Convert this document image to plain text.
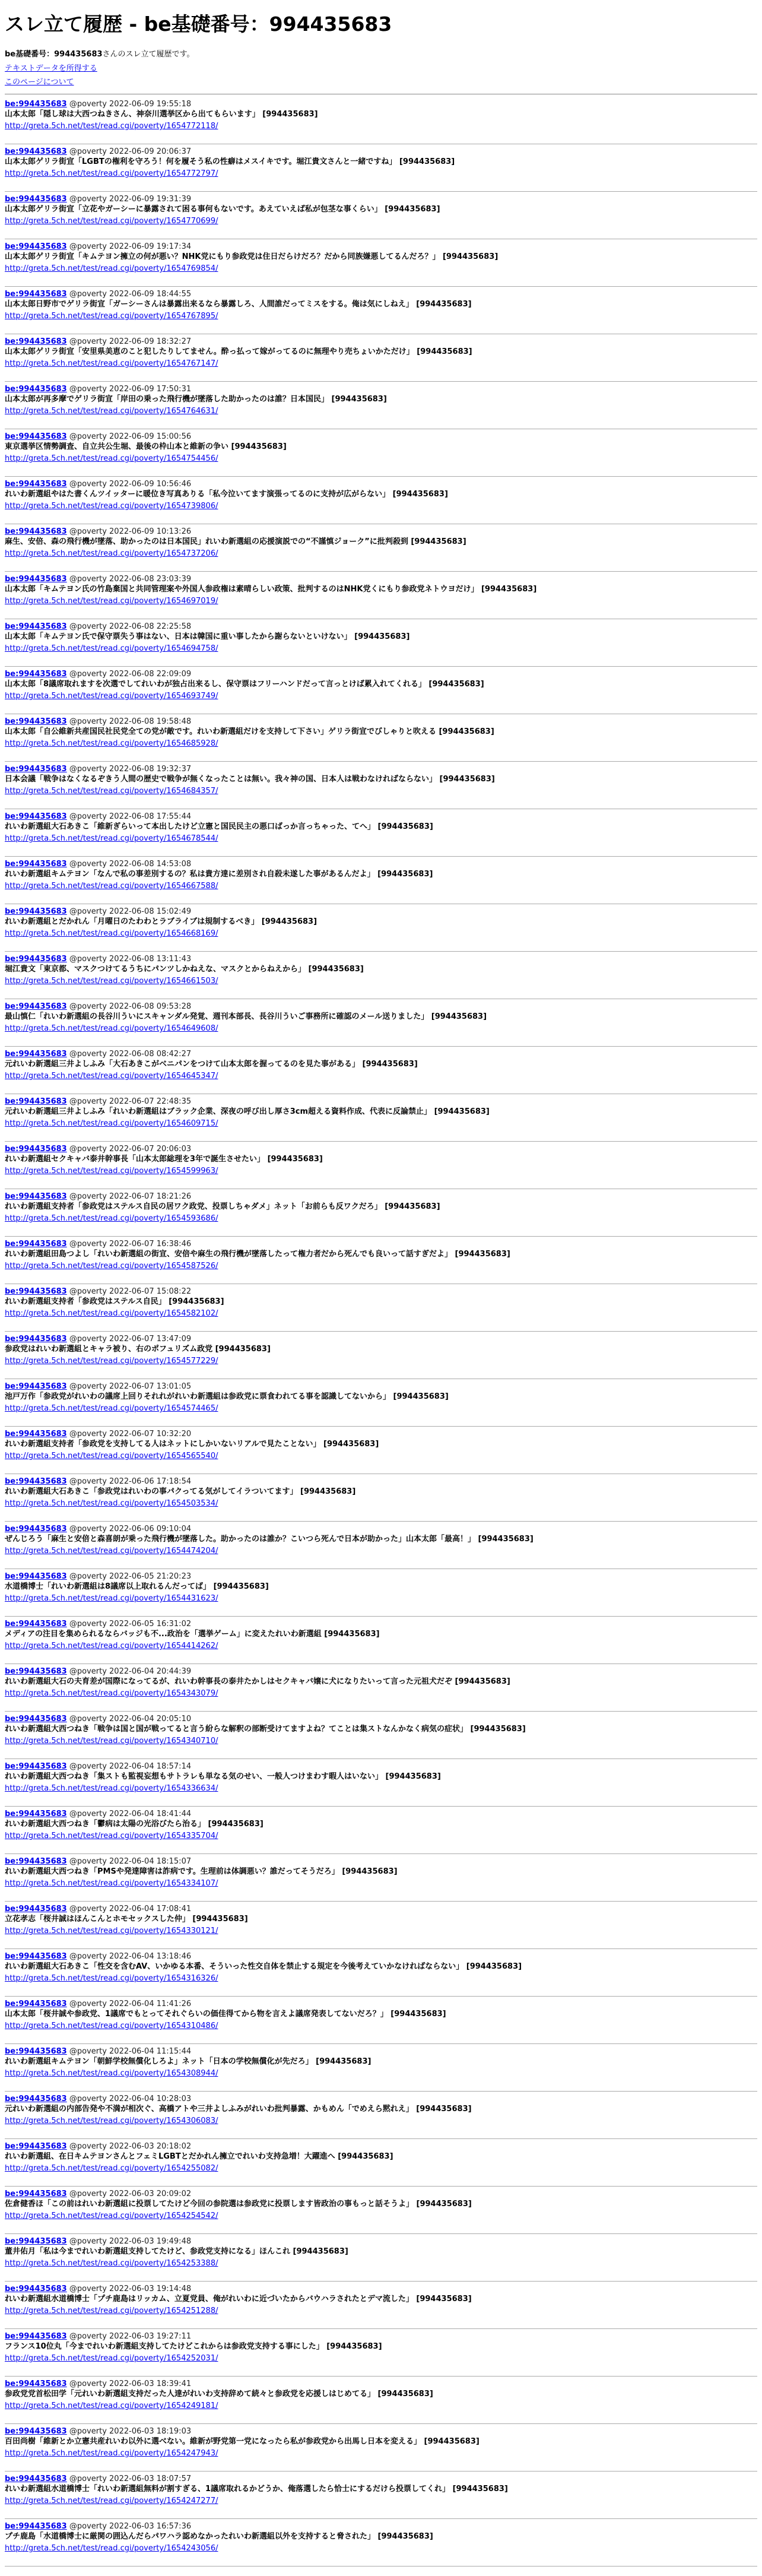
スレ立て履歴 - be基礎番号：994435683
be基礎番号：994435683さんのスレ立て履歴です。
テキストデータを所得する
このページについて
be:994435683 @poverty 2022-06-09 19:55:18
山本太郎「隠し球は大西つねきさん、神奈川選挙区から出てもらいます」 [994435683]
http://greta.5ch.net/test/read.cgi/poverty/1654772118/
be:994435683 @poverty 2022-06-09 20:06:37
山本太郎ゲリラ街宣「LGBTの権利を守ろう！何を履そう私の性癖はメスイキです。堀江貴文さんと一緒ですね」 [994435683]
http://greta.5ch.net/test/read.cgi/poverty/1654772797/
be:994435683 @poverty 2022-06-09 19:31:39
山本太郎ゲリラ街宣「立花やガーシーに暴露されて困る事何もないです。あえていえば私が包茎な事くらい」 [994435683]
http://greta.5ch.net/test/read.cgi/poverty/1654770699/
be:994435683 @poverty 2022-06-09 19:17:34
山本太郎ゲリラ街宣「キムテヨン擁立の何が悪い？NHK党にもり参政党は住日だらけだろ？だから同族嫌悪してるんだろ？」 [994435683]
http://greta.5ch.net/test/read.cgi/poverty/1654769854/
be:994435683 @poverty 2022-06-09 18:44:55
山本太郎日野市でゲリラ街宣「ガーシーさんは暴露出来るなら暴露しろ、人間誰だってミスをする。俺は気にしねえ」 [994435683]
http://greta.5ch.net/test/read.cgi/poverty/1654767895/
be:994435683 @poverty 2022-06-09 18:32:27
山本太郎ゲリラ街宣「安里県美恵のこと犯したりしてません。酔っ払って嫁がってるのに無理やり売ちょいかただけ」 [994435683]
http://greta.5ch.net/test/read.cgi/poverty/1654767147/
be:994435683 @poverty 2022-06-09 17:50:31
山本太郎が再多摩でゲリラ街宣「岸田の乗った飛行機が墜落した助かったのは誰？日本国民」 [994435683]
http://greta.5ch.net/test/read.cgi/poverty/1654764631/
be:994435683 @poverty 2022-06-09 15:00:56
東京選挙区情勢調査、自立共公生堀、最後の枠山本と維新の争い [994435683]
http://greta.5ch.net/test/read.cgi/poverty/1654754456/
be:994435683 @poverty 2022-06-09 10:56:46
れいわ新選組やはた書くんツイッターに暖位き写真ありる「私今泣いてます演張ってるのに支持が広がらない」 [994435683]
http://greta.5ch.net/test/read.cgi/poverty/1654739806/
be:994435683 @poverty 2022-06-09 10:13:26
麻生、安倍、森の飛行機が墜落、助かったのは日本国民」れいわ新選組の応援演説での“不謹慎ジョーク”に批判殺到 [994435683]
http://greta.5ch.net/test/read.cgi/poverty/1654737206/
be:994435683 @poverty 2022-06-08 23:03:39
山本太郎「キムテヨン氏の竹島棄国と共同管理案や外国人参政権は素晴らしい政策、批判するのはNHK党くにもり参政党ネトウヨだけ」 [994435683]
http://greta.5ch.net/test/read.cgi/poverty/1654697019/
be:994435683 @poverty 2022-06-08 22:25:58
山本太郎「キムテヨン氏で保守票失う事はない、日本は韓国に重い事したから謝らないといけない」 [994435683]
http://greta.5ch.net/test/read.cgi/poverty/1654694758/
be:994435683 @poverty 2022-06-08 22:09:09
山本太郎「8議席取れますを次選でしてれいわが独占出来るし、保守票はフリーハンドだって言っとけば累入れてくれる」 [994435683]
http://greta.5ch.net/test/read.cgi/poverty/1654693749/
be:994435683 @poverty 2022-06-08 19:58:48
山本太郎「自公維新共産国民社民党全ての党が敵です。れいわ新選組だけを支持して下さい」ゲリラ街宣でびしゃりと吹える [994435683]
http://greta.5ch.net/test/read.cgi/poverty/1654685928/
be:994435683 @poverty 2022-06-08 19:32:37
日本会議「戦争はなくなるぞきう人間の歴史で戦争が無くなったことは無い。我々神の国、日本人は戦わなければならない」 [994435683]
http://greta.5ch.net/test/read.cgi/poverty/1654684357/
be:994435683 @poverty 2022-06-08 17:55:44
れいわ新選組大石あきこ「維新ぎらいって本出したけど立憲と国民民主の悪口ばっか言っちゃった、てへ」 [994435683]
http://greta.5ch.net/test/read.cgi/poverty/1654678544/
be:994435683 @poverty 2022-06-08 14:53:08
れいわ新選組キムテヨン「なんで私の事差別するの？私は貴方達に差別され自殺未遂した事があるんだよ」 [994435683]
http://greta.5ch.net/test/read.cgi/poverty/1654667588/
be:994435683 @poverty 2022-06-08 15:02:49
れいわ新選組とだかれん「月曜日のたわわとラブライブは規制するべき」 [994435683]
http://greta.5ch.net/test/read.cgi/poverty/1654668169/
be:994435683 @poverty 2022-06-08 13:11:43
堀江貴文「東京都、マスクつけてるうちにパンツしかねえな、マスクとからねえから」 [994435683]
http://greta.5ch.net/test/read.cgi/poverty/1654661503/
be:994435683 @poverty 2022-06-08 09:53:28
最山慎仁「れいわ新選組の長谷川ういにスキャンダル発覚、週刊本部長、長谷川ういご事務所に確認のメール送りました」 [994435683]
http://greta.5ch.net/test/read.cgi/poverty/1654649608/
be:994435683 @poverty 2022-06-08 08:42:27
元れいわ新選組三井よしふみ「大石あきこがベニパンをつけて山本太郎を握ってるのを見た事がある」 [994435683]
http://greta.5ch.net/test/read.cgi/poverty/1654645347/
be:994435683 @poverty 2022-06-07 22:48:35
元れいわ新選組三井よしふみ「れいわ新選組はブラック企業、深夜の呼び出し厚さ3cm超える資料作成、代表に反論禁止」 [994435683]
http://greta.5ch.net/test/read.cgi/poverty/1654609715/
be:994435683 @poverty 2022-06-07 20:06:03
れいわ新選組セクキャバ泰井幹事長「山本太郎総理を3年で誕生させたい」 [994435683]
http://greta.5ch.net/test/read.cgi/poverty/1654599963/
be:994435683 @poverty 2022-06-07 18:21:26
れいわ新選組支持者「参政党はステルス自民の居ワク政党、投票しちゃダメ」ネット「お前らも反ワクだろ」 [994435683]
http://greta.5ch.net/test/read.cgi/poverty/1654593686/
be:994435683 @poverty 2022-06-07 16:38:46
れいわ新選組田島つよし「れいわ新選組の街宣、安倍や麻生の飛行機が墜落したって権力者だから死んでも良いって話すぎだよ」 [994435683]
http://greta.5ch.net/test/read.cgi/poverty/1654587526/
be:994435683 @poverty 2022-06-07 15:08:22
れいわ新選組支持者「参政党はステルス自民」 [994435683]
http://greta.5ch.net/test/read.cgi/poverty/1654582102/
be:994435683 @poverty 2022-06-07 13:47:09
参政党はれいわ新選組とキャラ被り、右のポフュリズム政党 [994435683]
http://greta.5ch.net/test/read.cgi/poverty/1654577229/
be:994435683 @poverty 2022-06-07 13:01:05
池戸万作「参政党がれいわの議席上回りそれれがれいわ新選組は参政党に票食われてる事を認識してないから」 [994435683]
http://greta.5ch.net/test/read.cgi/poverty/1654574465/
be:994435683 @poverty 2022-06-07 10:32:20
れいわ新選組支持者「参政党を支持してる人はネットにしかいないリアルで見たことない」 [994435683]
http://greta.5ch.net/test/read.cgi/poverty/1654565540/
be:994435683 @poverty 2022-06-06 17:18:54
れいわ新選組大石あきこ「参政党はれいわの事パクってる気がしてイラついてます」 [994435683]
http://greta.5ch.net/test/read.cgi/poverty/1654503534/
be:994435683 @poverty 2022-06-06 09:10:04
ぜんじろう「麻生と安倍と森喜朗が乗った飛行機が墜落した。助かったのは誰か？こいつら死んで日本が助かった」山本太郎「最高！」 [994435683]
http://greta.5ch.net/test/read.cgi/poverty/1654474204/
be:994435683 @poverty 2022-06-05 21:20:23
水道橋博士「れいわ新選組は8議席以上取れるんだってば」 [994435683]
http://greta.5ch.net/test/read.cgi/poverty/1654431623/
be:994435683 @poverty 2022-06-05 16:31:02
メディアの注目を集められるならバッジも不...政治を「選挙ゲーム」に変えたれいわ新選組 [994435683]
http://greta.5ch.net/test/read.cgi/poverty/1654414262/
be:994435683 @poverty 2022-06-04 20:44:39
れいわ新選組大石の夫育差が国際になってるが、れいわ幹事長の泰井たかしはセクキャバ嬢に犬になりたいって言った元祖犬だぞ [994435683]
http://greta.5ch.net/test/read.cgi/poverty/1654343079/
be:994435683 @poverty 2022-06-04 20:05:10
れいわ新選組大西つねき「戦争は国と国が戦ってると言う紛らな解釈の部断受けてますよね？てことは集ストなんかなく病気の症状」 [994435683]
http://greta.5ch.net/test/read.cgi/poverty/1654340710/
be:994435683 @poverty 2022-06-04 18:57:14
れいわ新選組大西つねき「集ストも監視妄想もサトラレも単なる気のせい、一般人つけまわす暇人はいない」 [994435683]
http://greta.5ch.net/test/read.cgi/poverty/1654336634/
be:994435683 @poverty 2022-06-04 18:41:44
れいわ新選組大西つねき「鬱病は太陽の光浴びたら治る」 [994435683]
http://greta.5ch.net/test/read.cgi/poverty/1654335704/
be:994435683 @poverty 2022-06-04 18:15:07
れいわ新選組大西つねき「PMSや発達障害は詐病です。生理前は体調悪い？誰だってそうだろ」 [994435683]
http://greta.5ch.net/test/read.cgi/poverty/1654334107/
be:994435683 @poverty 2022-06-04 17:08:41
立花孝志「桜井誠はほんこんとホモセックスした仲」 [994435683]
http://greta.5ch.net/test/read.cgi/poverty/1654330121/
be:994435683 @poverty 2022-06-04 13:18:46
れいわ新選組大石あきこ「性交を含むAV、いかゆる本番、そういった性交自体を禁止する規定を今後考えていかなければならない」 [994435683]
http://greta.5ch.net/test/read.cgi/poverty/1654316326/
be:994435683 @poverty 2022-06-04 11:41:26
山本太郎「桜井誠や参政党、1議席でもとってそれぐらいの価佳得てから物を言えよ議席発表してないだろ？」 [994435683]
http://greta.5ch.net/test/read.cgi/poverty/1654310486/
be:994435683 @poverty 2022-06-04 11:15:44
れいわ新選組キムテヨン「朝鮮学校無償化しろよ」ネット「日本の学校無償化が先だろ」 [994435683]
http://greta.5ch.net/test/read.cgi/poverty/1654308944/
be:994435683 @poverty 2022-06-04 10:28:03
元れいわ新選組の内部告発や不満が相次ぐ、高橋アトや三井よしふみがれいわ批判暴露、かもめん「でめえら黙れえ」 [994435683]
http://greta.5ch.net/test/read.cgi/poverty/1654306083/
be:994435683 @poverty 2022-06-03 20:18:02
れいわ新選組、在日キムテヨンさんとフェミLGBTとだかれん擁立でれいわ支持急増！大躍進へ [994435683]
http://greta.5ch.net/test/read.cgi/poverty/1654255082/
be:994435683 @poverty 2022-06-03 20:09:02
佐倉健香ほ「この前はれいわ新選組に投票してたけど今回の参院選は参政党に投票します皆政治の事もっと話そうよ」 [994435683]
http://greta.5ch.net/test/read.cgi/poverty/1654254542/
be:994435683 @poverty 2022-06-03 19:49:48
董井佑月「私は今までれいわ新選組支持してたけど、参政党支持になる」ほんこれ [994435683]
http://greta.5ch.net/test/read.cgi/poverty/1654253388/
be:994435683 @poverty 2022-06-03 19:14:48
れいわ新選組水道橋博士「プチ鹿島はリッカム、立夏党員、俺がれいわに近づいたからバウハラされたとデマ流した」 [994435683]
http://greta.5ch.net/test/read.cgi/poverty/1654251288/
be:994435683 @poverty 2022-06-03 19:27:11
フランス10位丸「今までれいわ新選組支持してたけどこれからは参政党支持する事にした」 [994435683]
http://greta.5ch.net/test/read.cgi/poverty/1654252031/
be:994435683 @poverty 2022-06-03 18:39:41
参政党党首松田学「元れいわ新選組支持だった人達がれいわ支持辞めて続々と参政党を応援しはじめてる」 [994435683]
http://greta.5ch.net/test/read.cgi/poverty/1654249181/
be:994435683 @poverty 2022-06-03 18:19:03
百田尚樹「維新とか立憲共産れいわ以外に選べない。維新が野党第一党になったら私が参政党から出馬し日本を変える」 [994435683]
http://greta.5ch.net/test/read.cgi/poverty/1654247943/
be:994435683 @poverty 2022-06-03 18:07:57
れいわ新選組水道橋博士「れいわ新選組無料が割すぎる、1議席取れるかどうか、俺落選したら恰士にするだけら投票してくれ」 [994435683]
http://greta.5ch.net/test/read.cgi/poverty/1654247277/
be:994435683 @poverty 2022-06-03 16:57:36
プチ鹿島「水道橋博士に厳関の囲込んだらパワハラ認めなかったれいわ新選組以外を支持すると脅された」 [994435683]
http://greta.5ch.net/test/read.cgi/poverty/1654243056/
